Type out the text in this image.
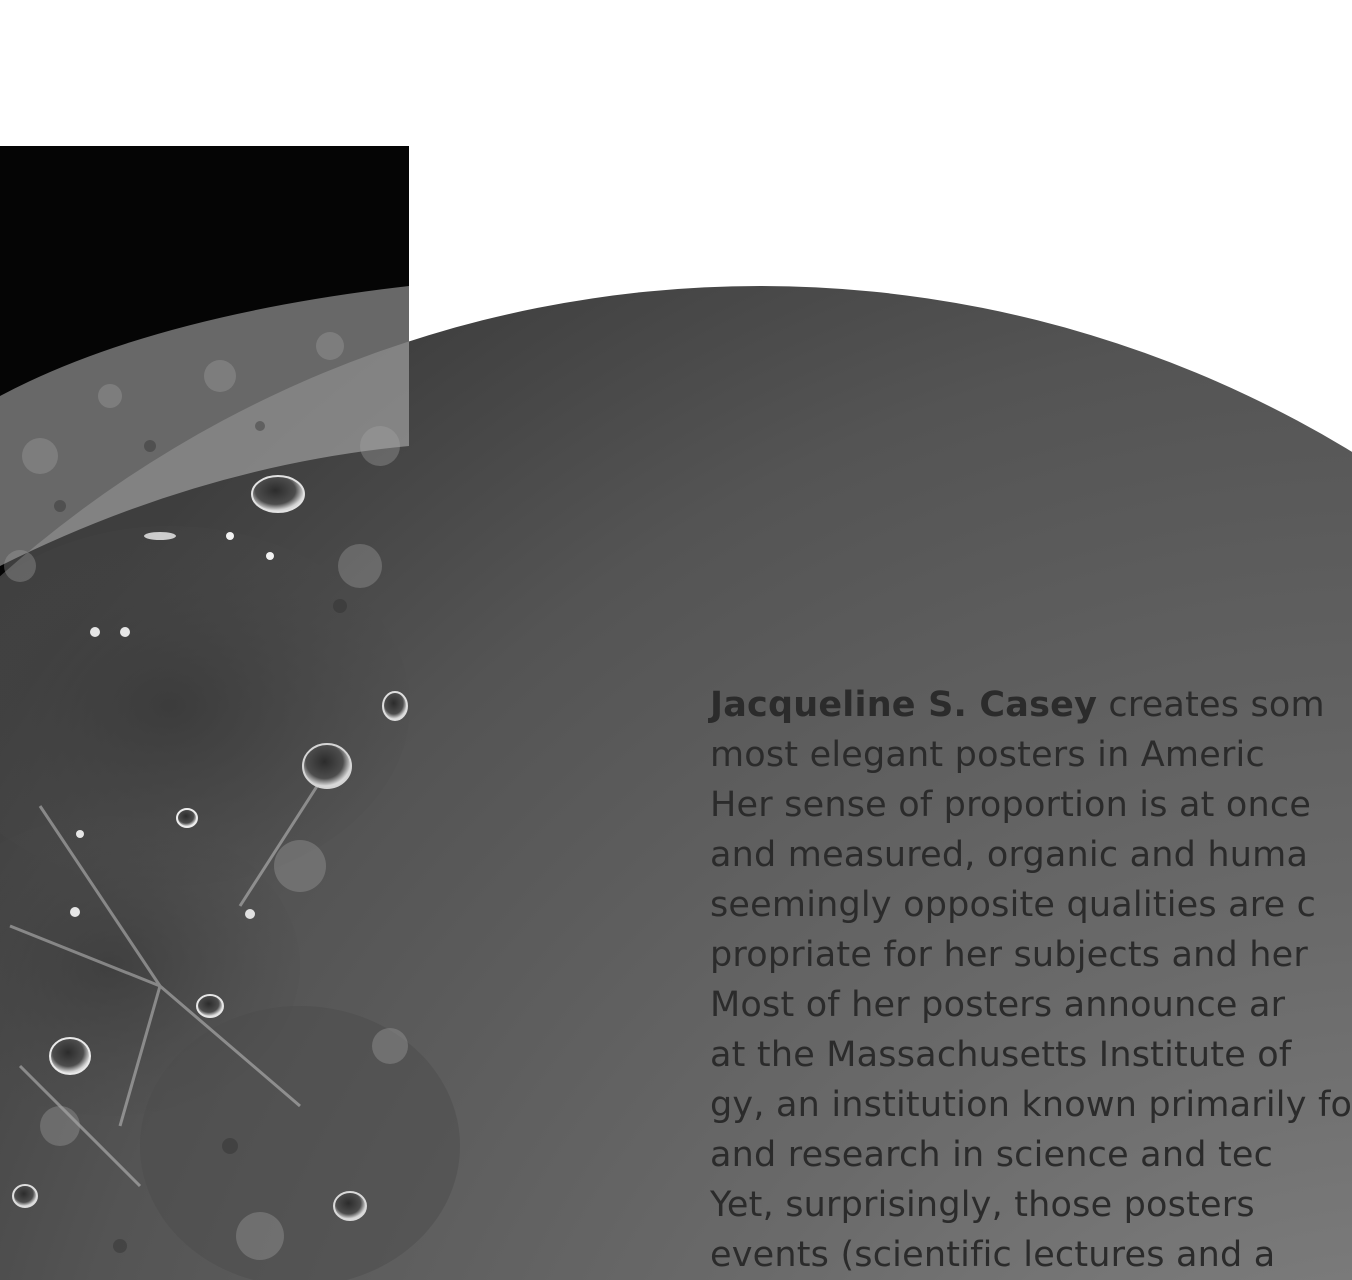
Jacqueline S. Casey creates som
most elegant posters in Americ
Her sense of proportion is at once
and measured, organic and huma
seemingly opposite qualities are c
propriate for her subjects and her
Most of her posters announce ar
at the Massachusetts Institute of
gy, an institution known primarily fo
and research in science and tec
Yet, surprisingly, those posters
events (scientific lectures and a
